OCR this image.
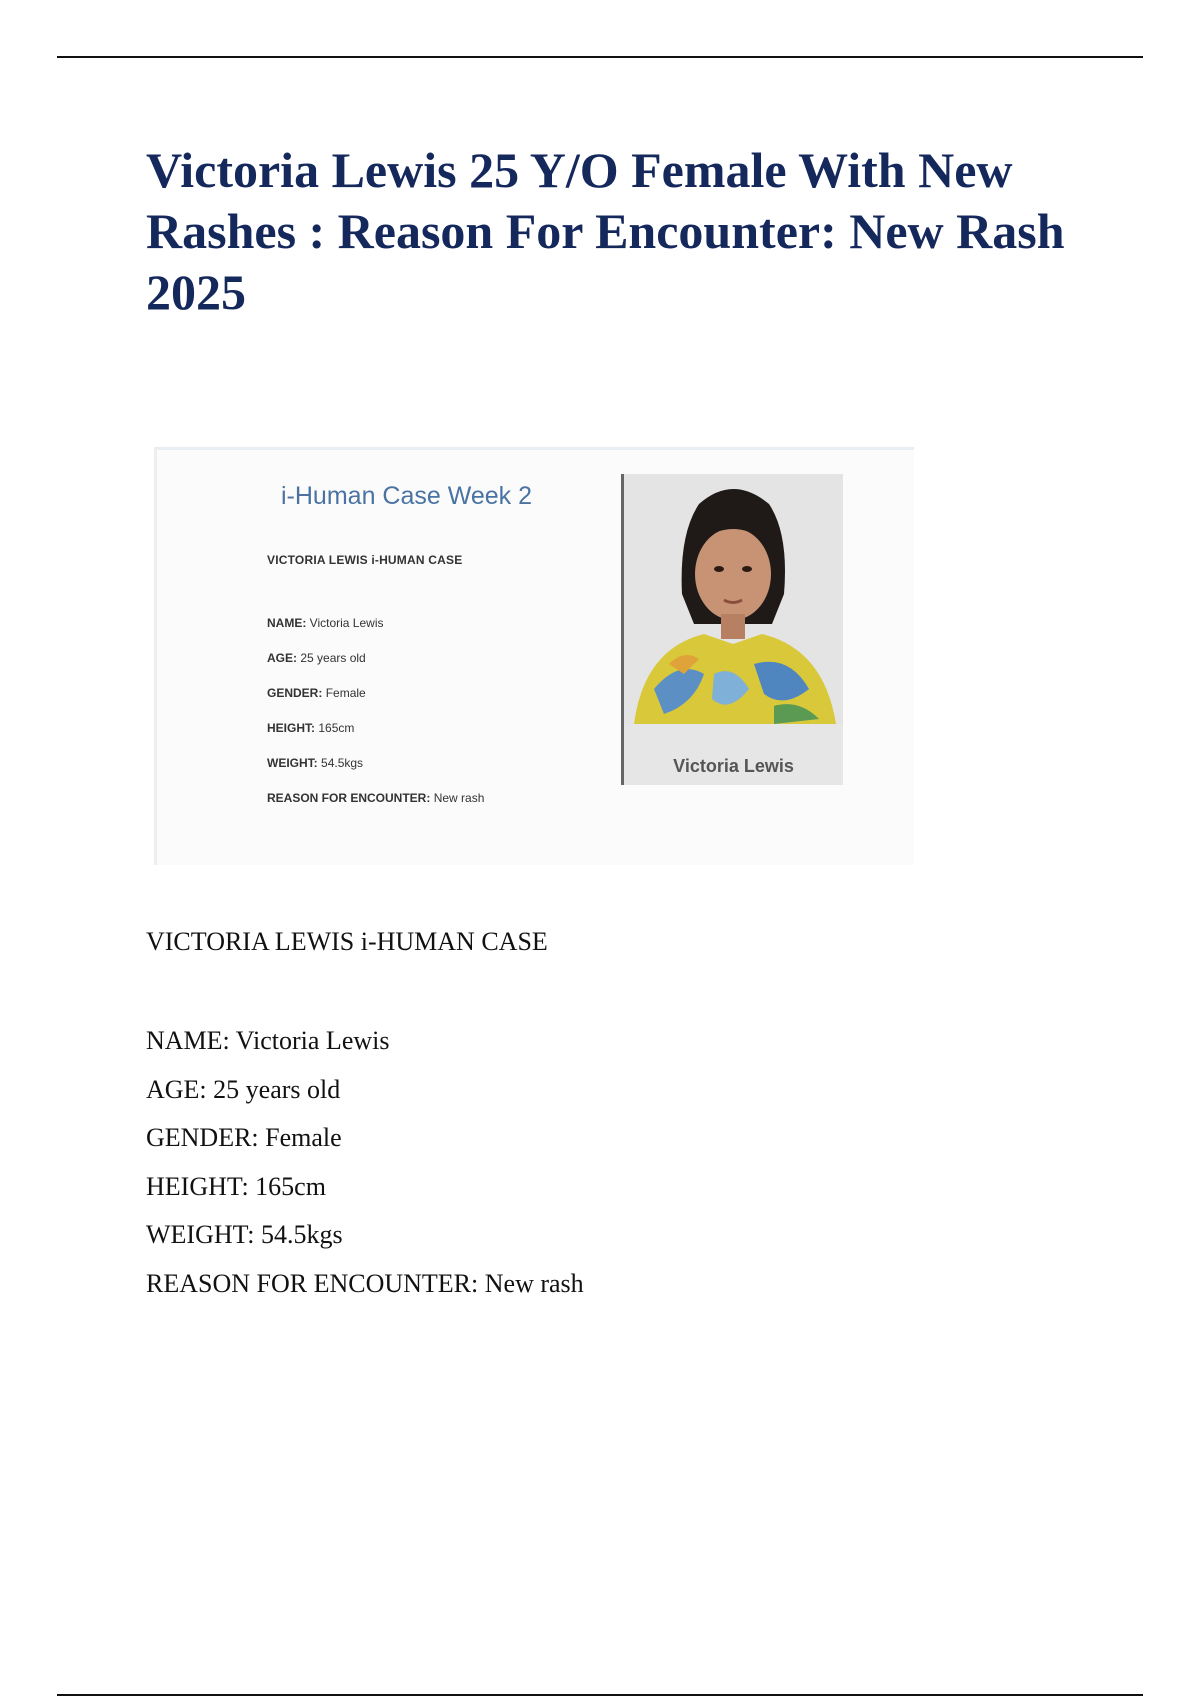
Victoria Lewis 25 Y/O Female With New Rashes : Reason For Encounter: New Rash 2025
i-Human Case Week 2
VICTORIA LEWIS i-HUMAN CASE
NAME: Victoria Lewis
AGE: 25 years old
GENDER: Female
HEIGHT: 165cm
WEIGHT: 54.5kgs
REASON FOR ENCOUNTER: New rash
Victoria Lewis
VICTORIA LEWIS i-HUMAN CASE
NAME: Victoria Lewis
AGE: 25 years old
GENDER: Female
HEIGHT: 165cm
WEIGHT: 54.5kgs
REASON FOR ENCOUNTER: New rash
